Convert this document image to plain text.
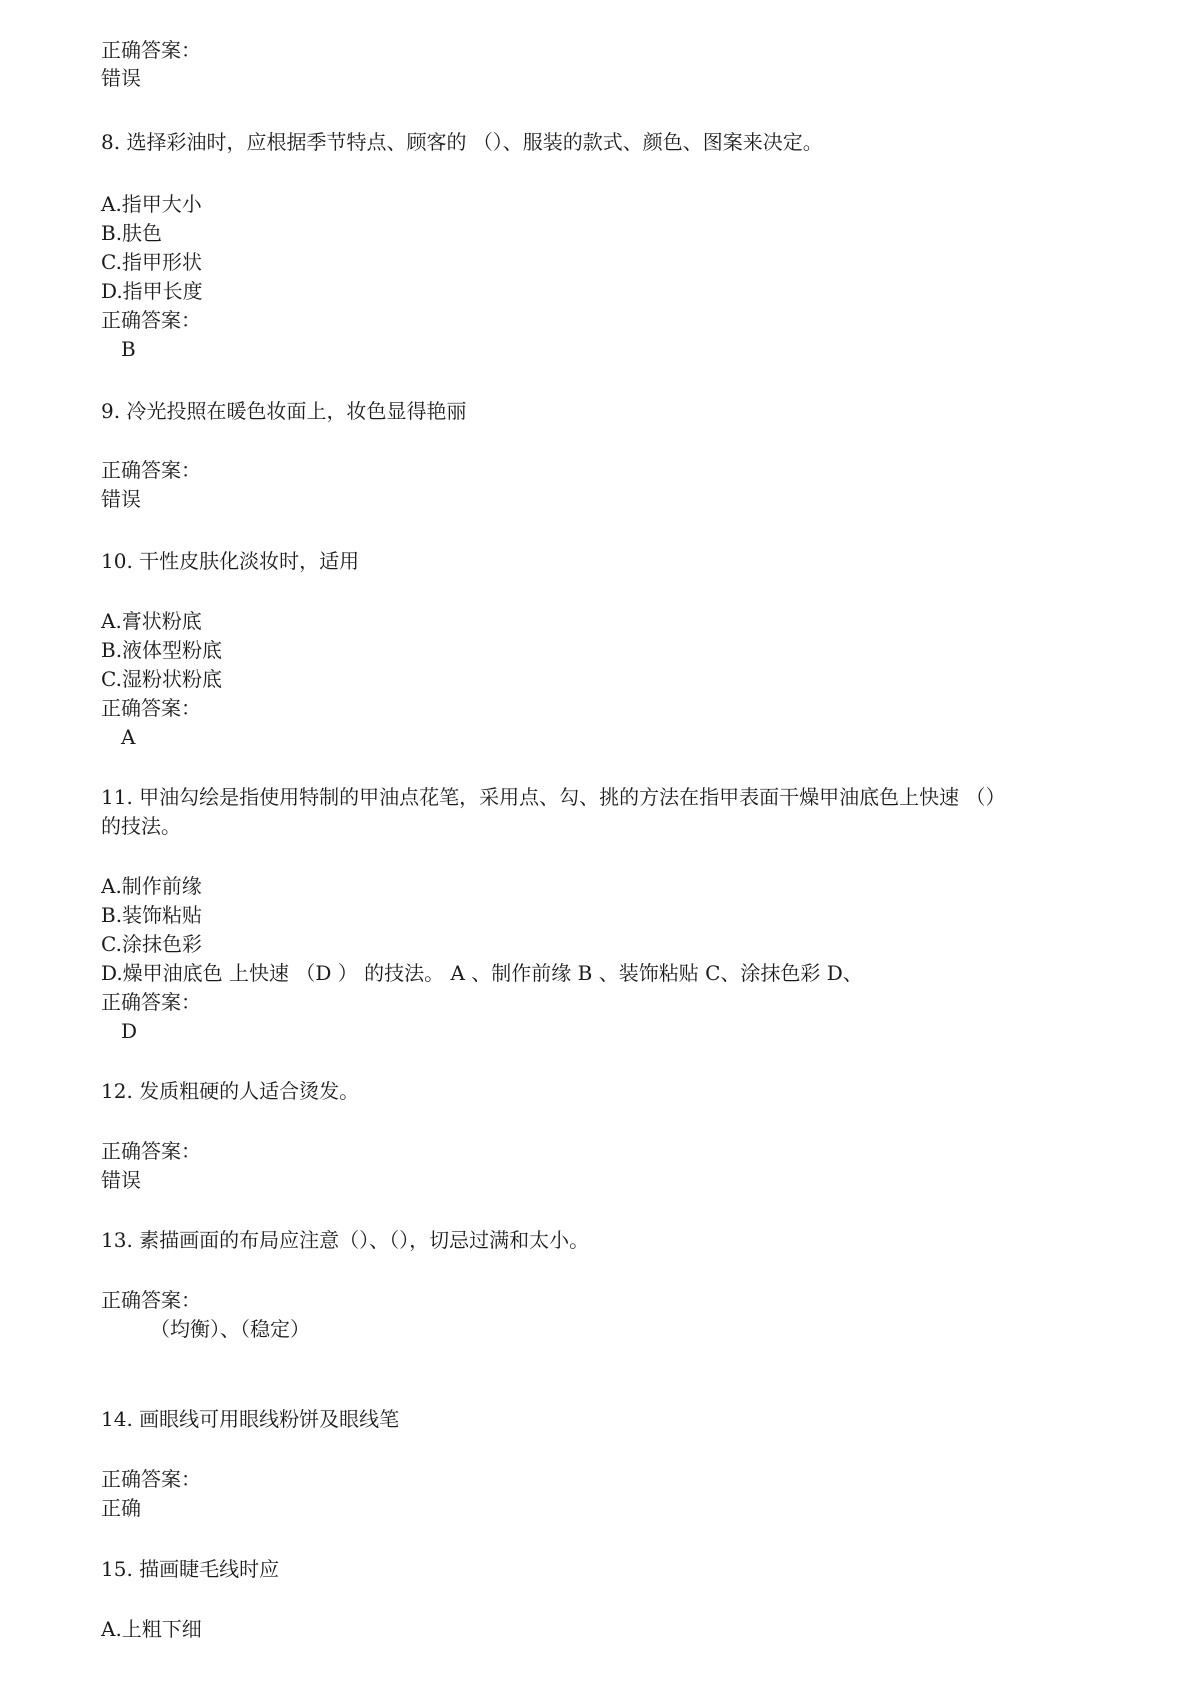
正确答案：
错误
8. 选择彩油时，应根据季节特点、顾客的 （）、服装的款式、颜色、图案来决定。
A.指甲大小
B.肤色
C.指甲形状
D.指甲长度
正确答案：
B
9. 冷光投照在暖色妆面上，妆色显得艳丽
正确答案：
错误
10. 干性皮肤化淡妆时，适用
A.膏状粉底
B.液体型粉底
C.湿粉状粉底
正确答案：
A
11. 甲油勾绘是指使用特制的甲油点花笔，采用点、勾、挑的方法在指甲表面干燥甲油底色上快速 （）
的技法。
A.制作前缘
B.装饰粘贴
C.涂抹色彩
D.燥甲油底色 上快速 （D ） 的技法。 A 、制作前缘 B 、装饰粘贴 C、涂抹色彩 D、
正确答案：
D
12. 发质粗硬的人适合烫发。
正确答案：
错误
13. 素描画面的布局应注意（）、（），切忌过满和太小。
正确答案：
（均衡）、（稳定）
14. 画眼线可用眼线粉饼及眼线笔
正确答案：
正确
15. 描画睫毛线时应
A.上粗下细
